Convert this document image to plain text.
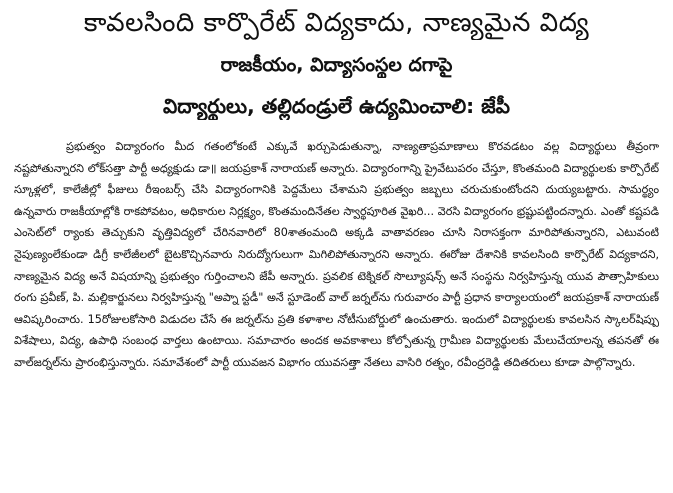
కావలసింది కార్పొరేట్ విద్యకాదు, నాణ్యమైన విద్య
రాజకీయం, విద్యాసంస్థల దగాపై
విద్యార్థులు, తల్లిదండ్రులే ఉద్యమించాలి: జేపీ

ప్రభుత్వం విద్యారంగం మీద గతంలోకంటే ఎక్కువే ఖర్చుపెడుతున్నా, నాణ్యతాప్రమాణాలు కొరవడటం వల్ల విద్యార్థులు తీవ్రంగా నష్టపోతున్నారని లోక్‌సత్తా పార్టీ అధ్యక్షుడు డా॥ జయప్రకాశ్ నారాయణ్ అన్నారు. విద్యారంగాన్ని ప్రైవేటుపరం చేస్తూ, కొంతమంది విద్యార్థులకు కార్పొరేట్ స్కూళ్లలో, కాలేజీల్లో ఫీజులు రీఇంబర్స్ చేసి విద్యారంగానికి పెద్దమేలు చేశామని ప్రభుత్వం జబ్బలు చరుచుకుంటోందని దుయ్యబట్టారు. సామర్థ్యం ఉన్నవారు రాజకీయాల్లోకి రాకపోవటం, అధికారుల నిర్లక్ష్యం, కొంతమందినేతల స్వార్థపూరిత వైఖరి... వెరసి విద్యారంగం భ్రష్టుపట్టిందన్నారు. ఎంతో కష్టపడి ఎంసెట్‌లో ర్యాంకు తెచ్చుకుని వృత్తివిద్యలో చేరినవారిలో 80శాతంమంది అక్కడి వాతావరణం చూసి నిరాసక్తంగా మారిపోతున్నారని, ఎటువంటి నైపుణ్యంలేకుండా డిగ్రీ కాలేజీలలో బైటకొచ్చినవారు నిరుద్యోగులుగా మిగిలిపోతున్నారని అన్నారు. ఈరోజు దేశానికి కావలసింది కార్పొరేట్ విద్యకాదని, నాణ్యమైన విద్య అనే విషయాన్ని ప్రభుత్వం గుర్తించాలని జేపీ అన్నారు. ప్రవలిక టెక్నికల్ సొల్యూషన్స్ అనే సంస్థను నిర్వహిస్తున్న యువ పౌత్సాహికులు రంగు ప్రవీణ్, పి. మల్లికార్జునలు నిర్వహిస్తున్న "అప్నా స్టడీ" అనే స్టూడెంట్ వాల్ జర్నల్‌ను గురువారం పార్టీ ప్రధాన కార్యాలయంలో జయప్రకాశ్ నారాయణ్ ఆవిష్కరించారు. 15రోజులకోసారి విడుదల చేసే ఈ జర్నల్‌ను ప్రతి కళాశాల నోటీసుబోర్డులో ఉంచుతారు. ఇందులో విద్యార్థులకు కావలసిన స్కాలర్‌షిప్పు విశేషాలు, విద్య, ఉపాధి సంబంధ వార్తలు ఉంటాయి. సమాచారం అందక అవకాశాలు కోల్పోతున్న గ్రామీణ విద్యార్థులకు మేలుచేయాలన్న తపనతో ఈ వాల్‌జర్నల్‌ను ప్రారంభిస్తున్నారు. సమావేశంలో పార్టీ యువజన విభాగం యువసత్తా నేతలు వాసిరి రత్నం, రవీంద్రరెడ్డి తదితరులు కూడా పాల్గొన్నారు.
